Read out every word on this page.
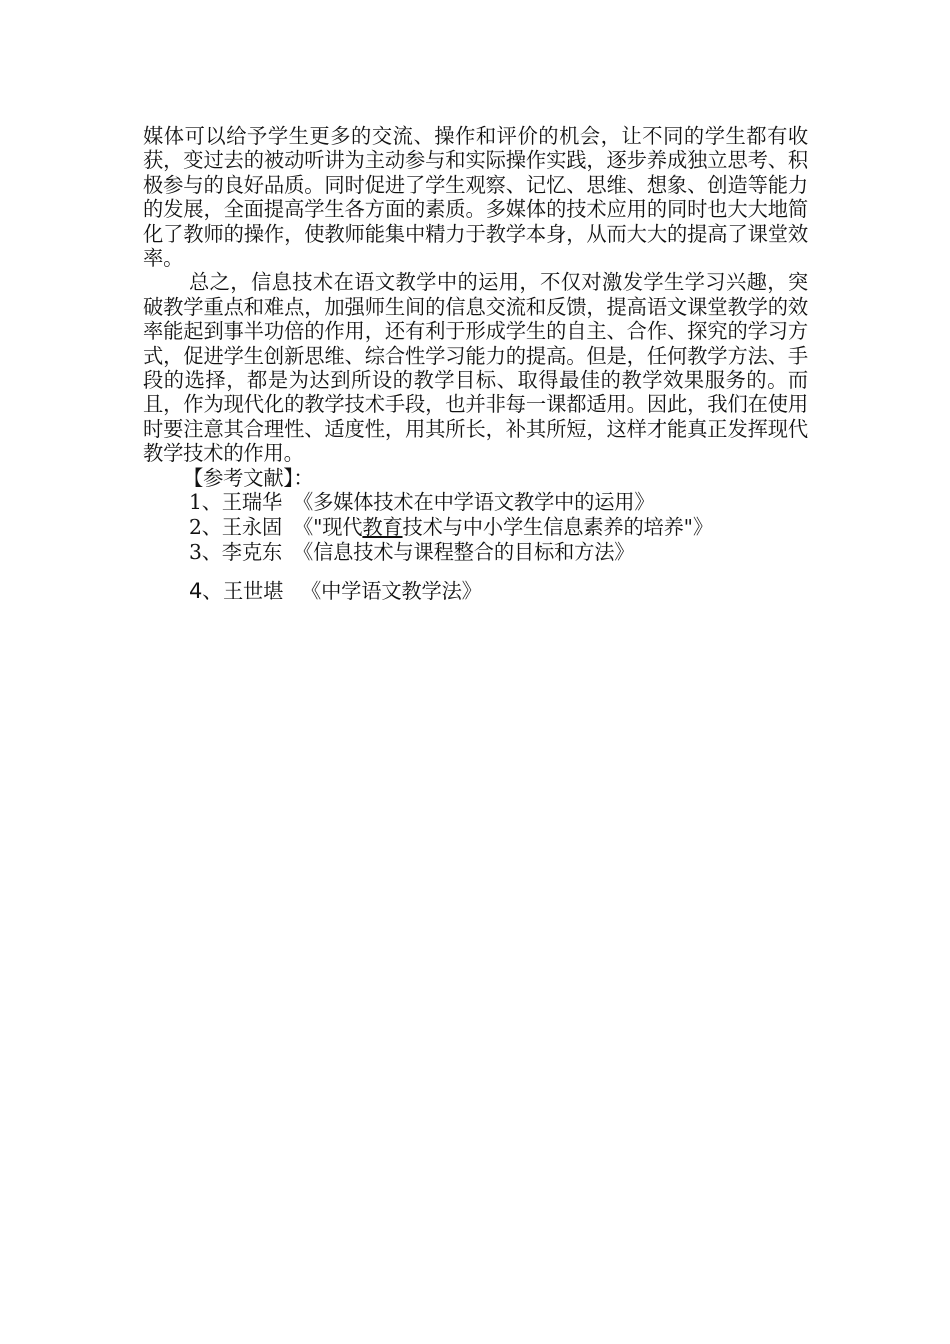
媒体可以给予学生更多的交流、操作和评价的机会，让不同的学生都有收获，变过去的被动听讲为主动参与和实际操作实践，逐步养成独立思考、积极参与的良好品质。同时促进了学生观察、记忆、思维、想象、创造等能力的发展，全面提高学生各方面的素质。多媒体的技术应用的同时也大大地简化了教师的操作，使教师能集中精力于教学本身，从而大大的提高了课堂效率。

总之，信息技术在语文教学中的运用，不仅对激发学生学习兴趣，突破教学重点和难点，加强师生间的信息交流和反馈，提高语文课堂教学的效率能起到事半功倍的作用，还有利于形成学生的自主、合作、探究的学习方式，促进学生创新思维、综合性学习能力的提高。但是，任何教学方法、手段的选择，都是为达到所设的教学目标、取得最佳的教学效果服务的。而且，作为现代化的教学技术手段，也并非每一课都适用。因此，我们在使用时要注意其合理性、适度性，用其所长，补其所短，这样才能真正发挥现代教学技术的作用。

【参考文献】：

1、王瑞华 《多媒体技术在中学语文教学中的运用》

2、王永固 《"现代教育技术与中小学生信息素养的培养"》

3、李克东 《信息技术与课程整合的目标和方法》

4、王世堪 《中学语文教学法》
